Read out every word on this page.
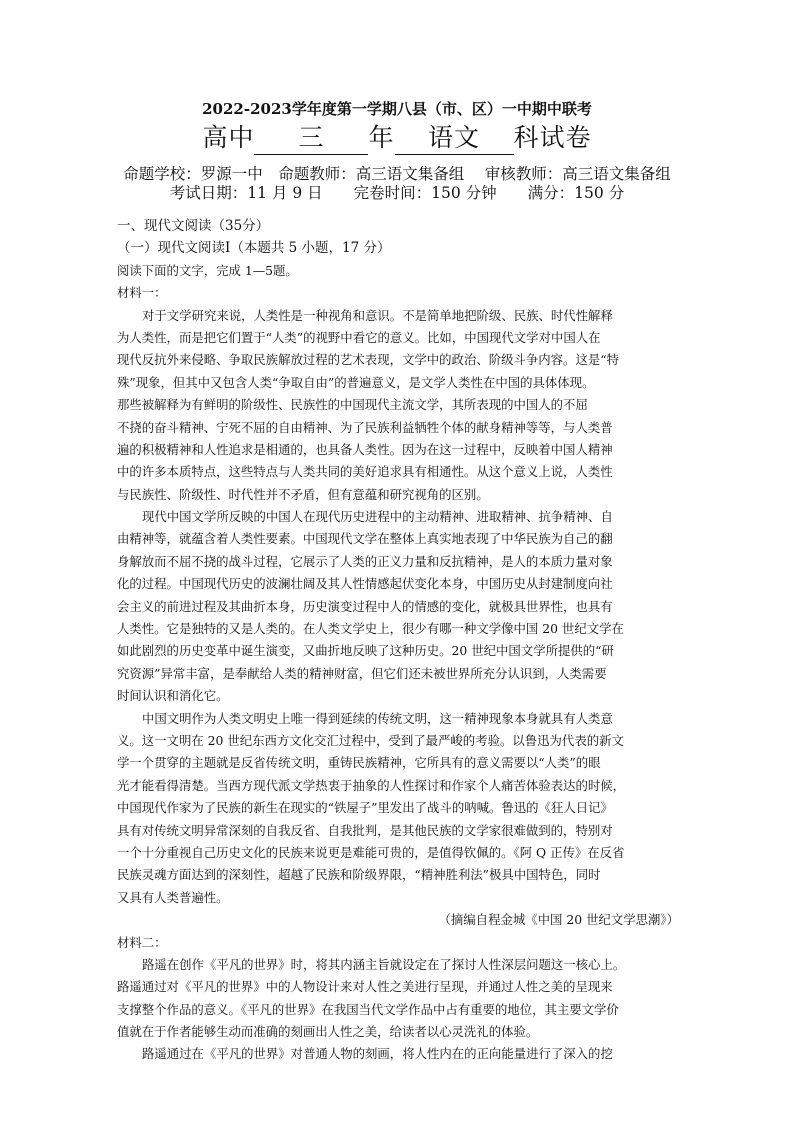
2022-2023学年度第一学期八县（市、区）一中期中联考
高中 三 年 语文 科试卷
命题学校：罗源一中　命题教师：高三语文集备组　 审核教师：高三语文集备组
考试日期：11 月 9 日　　完卷时间：150 分钟　　满分：150 分
一、现代文阅读（35分）
（一）现代文阅读Ⅰ（本题共 5 小题，17 分）
阅读下面的文字，完成 1—5题。
材料一：
对于文学研究来说，人类性是一种视角和意识。不是简单地把阶级、民族、时代性解释
为人类性，而是把它们置于“人类”的视野中看它的意义。比如，中国现代文学对中国人在
现代反抗外来侵略、争取民族解放过程的艺术表现，文学中的政治、阶级斗争内容。这是“特
殊”现象，但其中又包含人类“争取自由”的普遍意义，是文学人类性在中国的具体体现。
那些被解释为有鲜明的阶级性、民族性的中国现代主流文学，其所表现的中国人的不屈
不挠的奋斗精神、宁死不屈的自由精神、为了民族利益牺牲个体的献身精神等等，与人类普
遍的积极精神和人性追求是相通的，也具备人类性。因为在这一过程中，反映着中国人精神
中的许多本质特点，这些特点与人类共同的美好追求具有相通性。从这个意义上说，人类性
与民族性、阶级性、时代性并不矛盾，但有意蕴和研究视角的区别。
现代中国文学所反映的中国人在现代历史进程中的主动精神、进取精神、抗争精神、自
由精神等，就蕴含着人类性要素。中国现代文学在整体上真实地表现了中华民族为自己的翻
身解放而不屈不挠的战斗过程，它展示了人类的正义力量和反抗精神，是人的本质力量对象
化的过程。中国现代历史的波澜壮阔及其人性情感起伏变化本身，中国历史从封建制度向社
会主义的前进过程及其曲折本身，历史演变过程中人的情感的变化，就极具世界性，也具有
人类性。它是独特的又是人类的。在人类文学史上，很少有哪一种文学像中国 20 世纪文学在
如此剧烈的历史变革中诞生演变，又曲折地反映了这种历史。20 世纪中国文学所提供的“研
究资源”异常丰富，是奉献给人类的精神财富，但它们还未被世界所充分认识到，人类需要
时间认识和消化它。
中国文明作为人类文明史上唯一得到延续的传统文明，这一精神现象本身就具有人类意
义。这一文明在 20 世纪东西方文化交汇过程中，受到了最严峻的考验。以鲁迅为代表的新文
学一个贯穿的主题就是反省传统文明，重铸民族精神，它所具有的意义需要以“人类”的眼
光才能看得清楚。当西方现代派文学热衷于抽象的人性探讨和作家个人痛苦体验表达的时候，
中国现代作家为了民族的新生在现实的“铁屋子”里发出了战斗的呐喊。鲁迅的《狂人日记》
具有对传统文明异常深刻的自我反省、自我批判，是其他民族的文学家很难做到的，特别对
一个十分重视自己历史文化的民族来说更是难能可贵的，是值得钦佩的。《阿 Q 正传》在反省
民族灵魂方面达到的深刻性，超越了民族和阶级界限，“精神胜利法”极具中国特色，同时
又具有人类普遍性。
（摘编自程金城《中国 20 世纪文学思潮》）
材料二：
路遥在创作《平凡的世界》时，将其内涵主旨就设定在了探讨人性深层问题这一核心上。
路遥通过对《平凡的世界》中的人物设计来对人性之美进行呈现，并通过人性之美的呈现来
支撑整个作品的意义。《平凡的世界》在我国当代文学作品中占有重要的地位，其主要文学价
值就在于作者能够生动而准确的刻画出人性之美，给读者以心灵洗礼的体验。
路遥通过在《平凡的世界》对普通人物的刻画，将人性内在的正向能量进行了深入的挖
